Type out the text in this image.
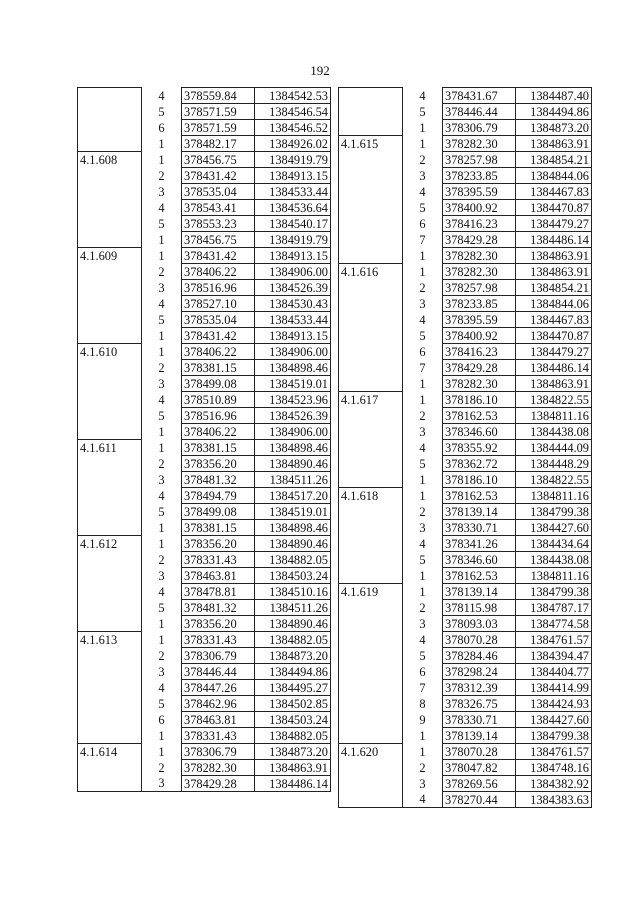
192
	4	378559.84	1384542.53
	5	378571.59	1384546.54
	6	378571.59	1384546.52
	1	378482.17	1384926.02
4.1.608	1	378456.75	1384919.79
	2	378431.42	1384913.15
	3	378535.04	1384533.44
	4	378543.41	1384536.64
	5	378553.23	1384540.17
	1	378456.75	1384919.79
4.1.609	1	378431.42	1384913.15
	2	378406.22	1384906.00
	3	378516.96	1384526.39
	4	378527.10	1384530.43
	5	378535.04	1384533.44
	1	378431.42	1384913.15
4.1.610	1	378406.22	1384906.00
	2	378381.15	1384898.46
	3	378499.08	1384519.01
	4	378510.89	1384523.96
	5	378516.96	1384526.39
	1	378406.22	1384906.00
4.1.611	1	378381.15	1384898.46
	2	378356.20	1384890.46
	3	378481.32	1384511.26
	4	378494.79	1384517.20
	5	378499.08	1384519.01
	1	378381.15	1384898.46
4.1.612	1	378356.20	1384890.46
	2	378331.43	1384882.05
	3	378463.81	1384503.24
	4	378478.81	1384510.16
	5	378481.32	1384511.26
	1	378356.20	1384890.46
4.1.613	1	378331.43	1384882.05
	2	378306.79	1384873.20
	3	378446.44	1384494.86
	4	378447.26	1384495.27
	5	378462.96	1384502.85
	6	378463.81	1384503.24
	1	378331.43	1384882.05
4.1.614	1	378306.79	1384873.20
	2	378282.30	1384863.91
	3	378429.28	1384486.14
	4	378431.67	1384487.40
	5	378446.44	1384494.86
	1	378306.79	1384873.20
4.1.615	1	378282.30	1384863.91
	2	378257.98	1384854.21
	3	378233.85	1384844.06
	4	378395.59	1384467.83
	5	378400.92	1384470.87
	6	378416.23	1384479.27
	7	378429.28	1384486.14
	1	378282.30	1384863.91
4.1.616	1	378282.30	1384863.91
	2	378257.98	1384854.21
	3	378233.85	1384844.06
	4	378395.59	1384467.83
	5	378400.92	1384470.87
	6	378416.23	1384479.27
	7	378429.28	1384486.14
	1	378282.30	1384863.91
4.1.617	1	378186.10	1384822.55
	2	378162.53	1384811.16
	3	378346.60	1384438.08
	4	378355.92	1384444.09
	5	378362.72	1384448.29
	1	378186.10	1384822.55
4.1.618	1	378162.53	1384811.16
	2	378139.14	1384799.38
	3	378330.71	1384427.60
	4	378341.26	1384434.64
	5	378346.60	1384438.08
	1	378162.53	1384811.16
4.1.619	1	378139.14	1384799.38
	2	378115.98	1384787.17
	3	378093.03	1384774.58
	4	378070.28	1384761.57
	5	378284.46	1384394.47
	6	378298.24	1384404.77
	7	378312.39	1384414.99
	8	378326.75	1384424.93
	9	378330.71	1384427.60
	1	378139.14	1384799.38
4.1.620	1	378070.28	1384761.57
	2	378047.82	1384748.16
	3	378269.56	1384382.92
	4	378270.44	1384383.63
